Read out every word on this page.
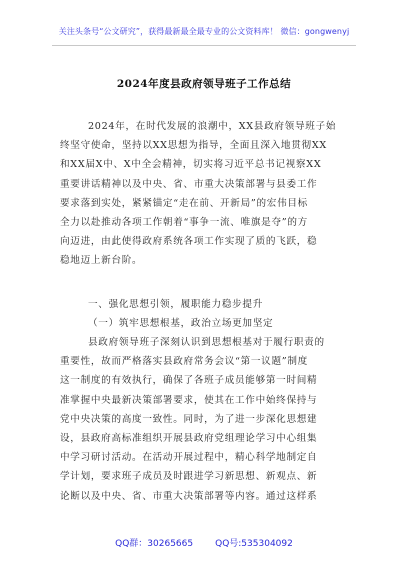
关注头条号“公文研究”，获得最新最全最专业的公文资料库！ 微信：gongwenyj
2024年度县政府领导班子工作总结
2024年，在时代发展的浪潮中，XX县政府领导班子始
终坚守使命，坚持以XX思想为指导，全面且深入地贯彻XX
和XX届X中、X中全会精神，切实将习近平总书记视察XX
重要讲话精神以及中央、省、市重大决策部署与县委工作
要求落到实处，紧紧锚定“走在前、开新局”的宏伟目标
全力以赴推动各项工作朝着“事争一流、唯旗是夺”的方
向迈进，由此使得政府系统各项工作实现了质的飞跃，稳
稳地迈上新台阶。
一、强化思想引领，履职能力稳步提升
（一）筑牢思想根基，政治立场更加坚定
县政府领导班子深刻认识到思想根基对于履行职责的
重要性，故而严格落实县政府常务会议“第一议题”制度
这一制度的有效执行，确保了各班子成员能够第一时间精
准掌握中央最新决策部署要求，使其在工作中始终保持与
党中央决策的高度一致性。同时，为了进一步深化思想建
设，县政府高标准组织开展县政府党组理论学习中心组集
中学习研讨活动。在活动开展过程中，精心科学地制定自
学计划，要求班子成员及时跟进学习新思想、新观点、新
论断以及中央、省、市重大决策部署等内容。通过这样系
QQ群：30265665 QQ号:535304092
